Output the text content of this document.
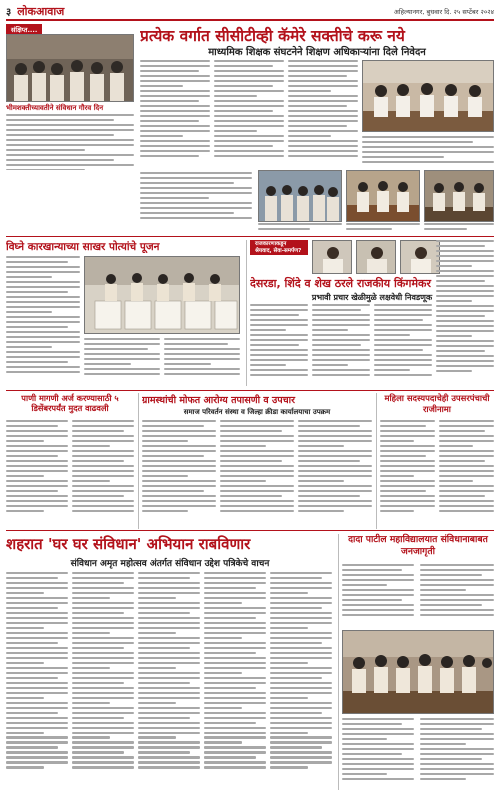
३ लोकआवाज	अहिल्यानगर, बुधवार दि. २५ सप्टेंबर २०२४
संक्षिप्त....
भीमशक्तीच्यावतीने संविधान गौरव दिन
प्रत्येक वर्गात सीसीटीव्ही कॅमेरे सक्तीचे करू नये
माध्यमिक शिक्षक संघटनेने शिक्षण अधिकाऱ्यांना दिले निवेदन
विघ्ने कारखान्याच्या साखर पोत्यांचे पूजन	राजकारणाकडून श्रेयवाद, सेवा-समर्पण?
देसरडा, शिंदे व शेख ठरले राजकीय किंगमेकर
प्रभावी प्रचार खेळीमुळे लक्षवेधी निवडणूक
पाणी मागणी अर्ज करण्यासाठी ५ डिसेंबरपर्यंत मुदत वाढवली
ग्रामस्थांची मोफत आरोग्य तपासणी व उपचार
समाज परिवर्तन संस्था व जिल्हा क्रीडा कार्यालयाचा उपक्रम
महिला सदस्यपदाचेही उपसरपंचाची राजीनामा
शहरात 'घर घर संविधान' अभियान राबविणार
संविधान अमृत महोत्सव अंतर्गत संविधान उद्देश पत्रिकेचे वाचन
दादा पाटील महाविद्यालयात संविधानाबाबत जनजागृती
